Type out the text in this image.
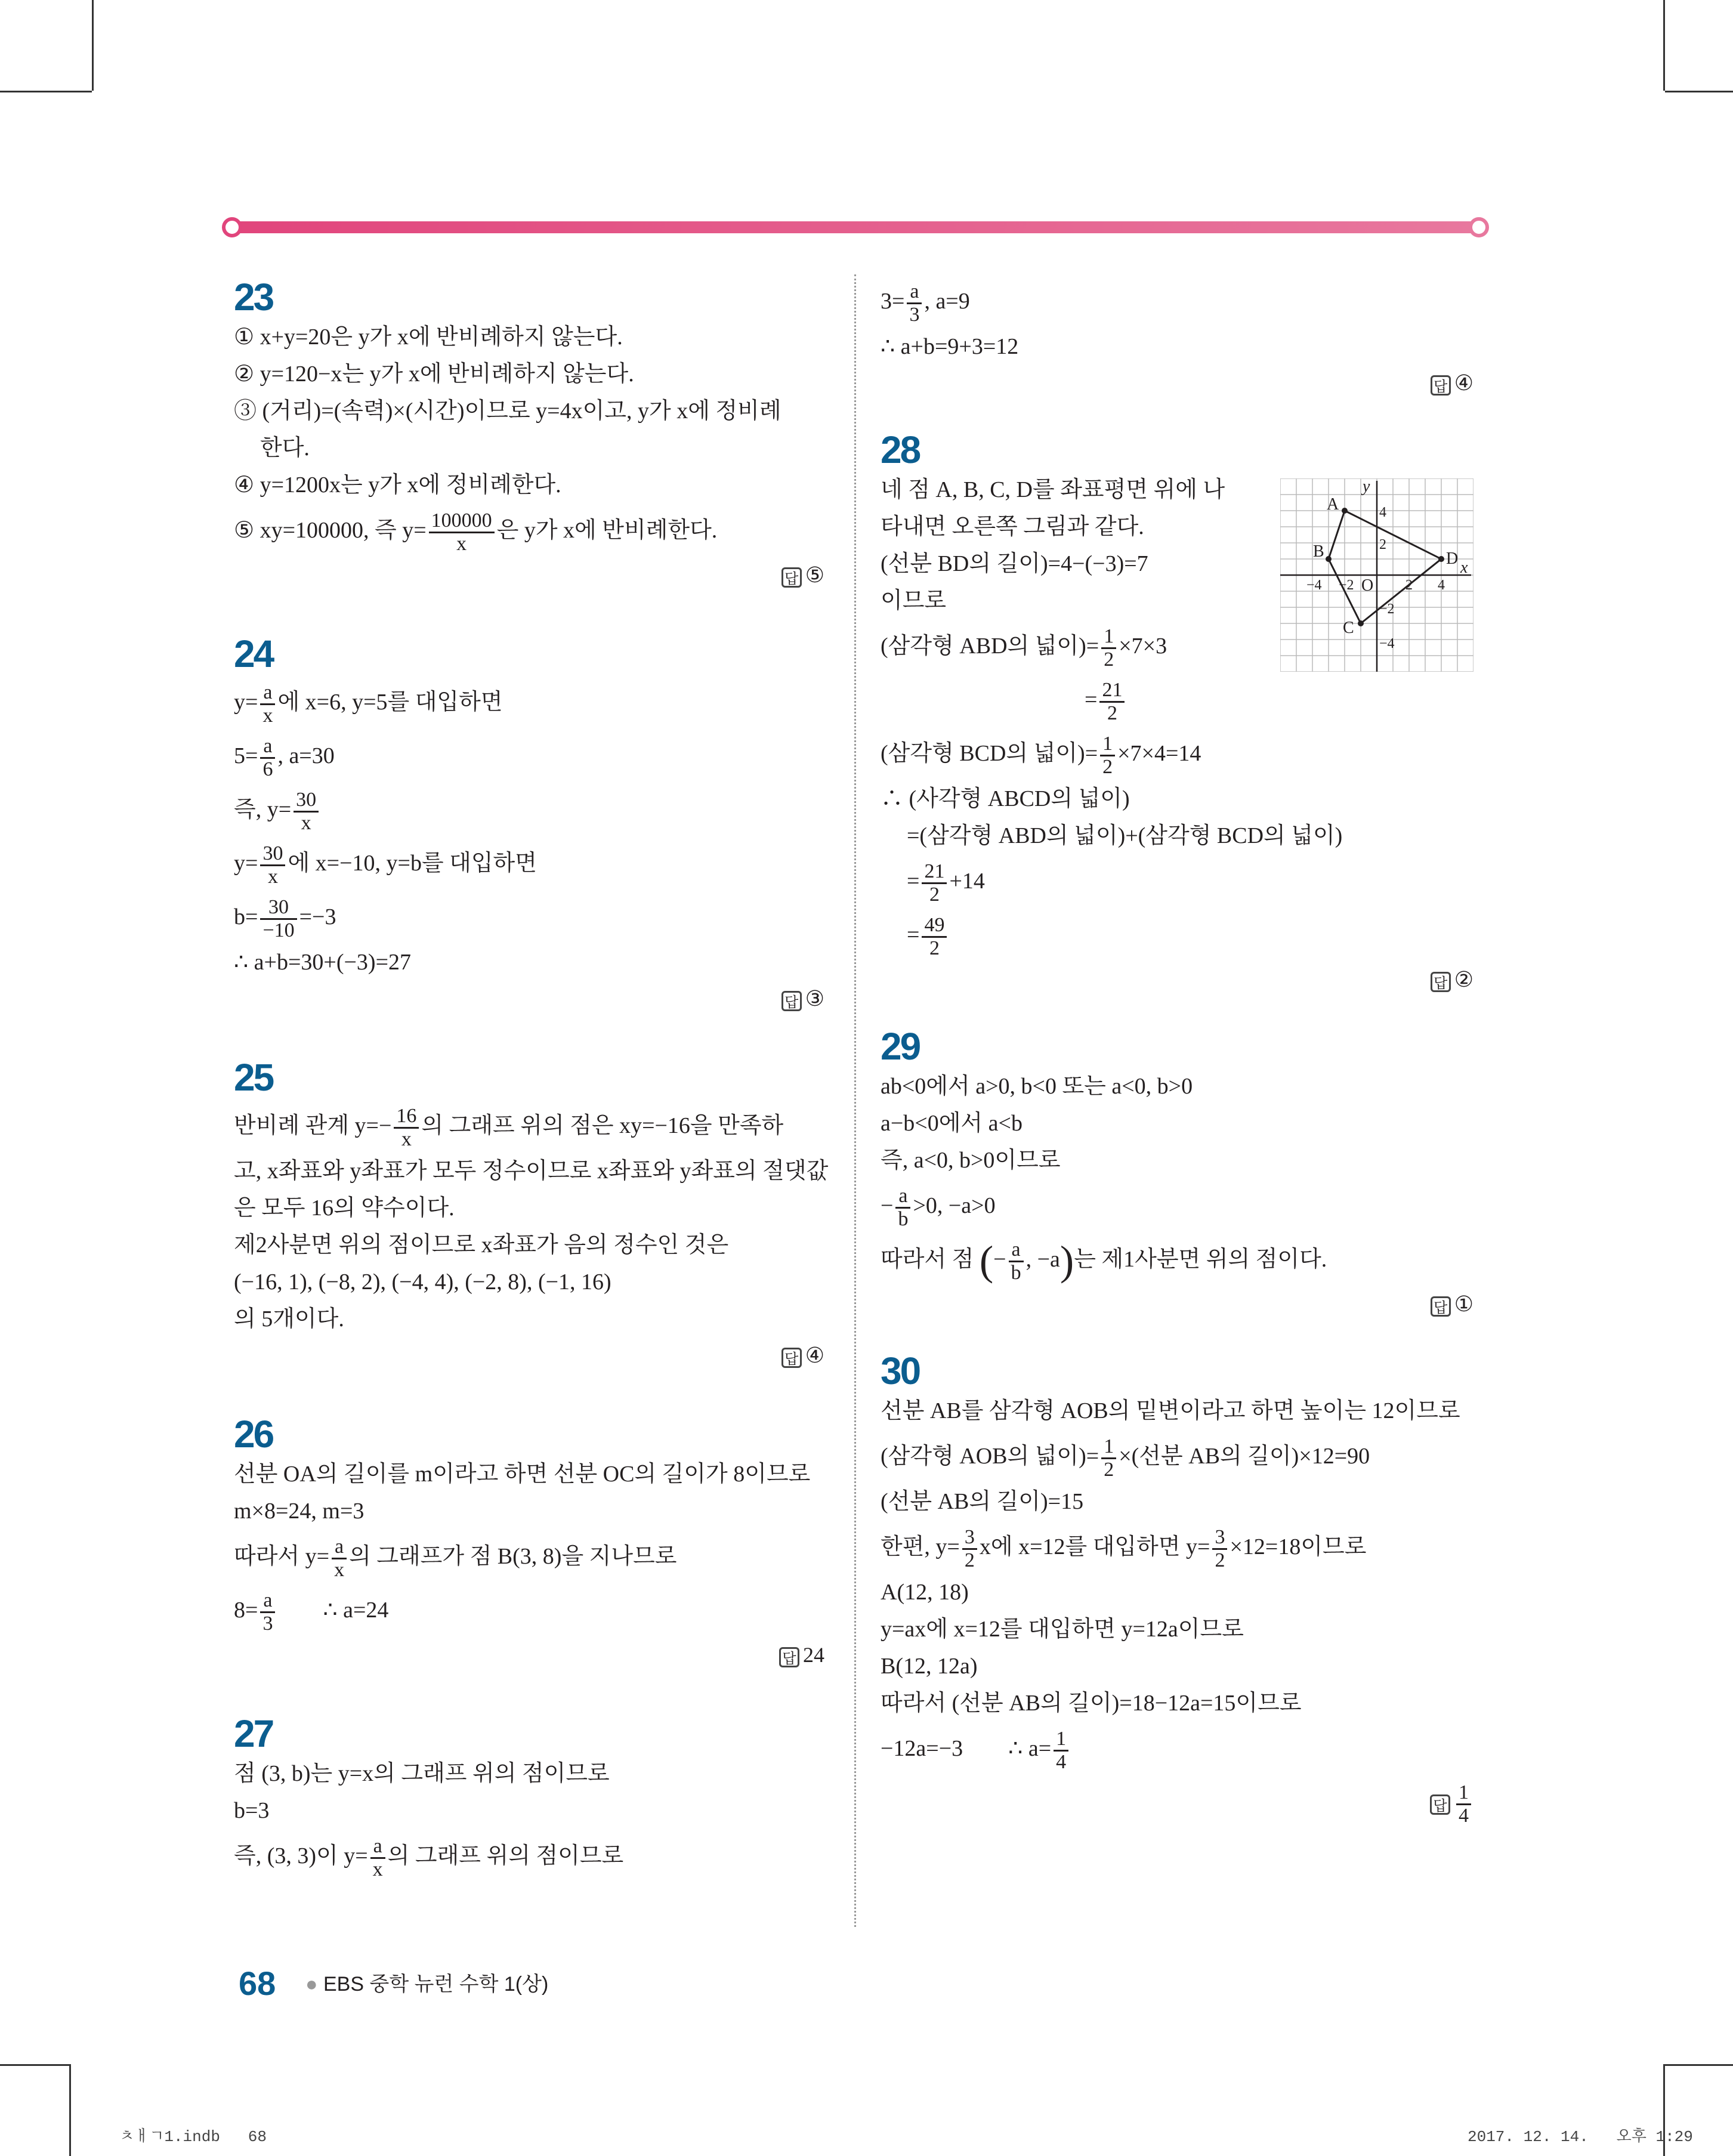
23
① x+y=20은 y가 x에 반비례하지 않는다.
② y=120−x는 y가 x에 반비례하지 않는다.
③ (거리)=(속력)×(시간)이므로 y=4x이고, y가 x에 정비례
한다.
④ y=1200x는 y가 x에 정비례한다.
⑤ xy=100000, 즉 $y= \frac{100000}{x}$ 은 y가 x에 반비례한다.
답 ⑤
24
$y= \frac{a}{x}$ 에 x=6, y=5를 대입하면
$5= \frac{a}{6}$ , a=30
즉, $y= \frac{30}{x}$
$y= \frac{30}{x}$ 에 x=−10, y=b를 대입하면
$b= \frac{30}{-10} =-3$
∴ a+b=30+(−3)=27
답 ③
25
반비례 관계 $y=- \frac{16}{x}$ 의 그래프 위의 점은 xy=−16을 만족하
고, x좌표와 y좌표가 모두 정수이므로 x좌표와 y좌표의 절댓값
은 모두 16의 약수이다.
제2사분면 위의 점이므로 x좌표가 음의 정수인 것은
(−16, 1), (−8, 2), (−4, 4), (−2, 8), (−1, 16)
의 5개이다.
답 ④
26
선분 OA의 길이를 m이라고 하면 선분 OC의 길이가 8이므로
m×8=24, m=3
따라서 $y= \frac{a}{x}$ 의 그래프가 점 B(3, 8)을 지나므로
$8= \frac{a}{3}$ ∴ a=24
답 24
27
점 (3, b)는 y=x의 그래프 위의 점이므로
b=3
즉, (3, 3)이 $y= \frac{a}{x}$ 의 그래프 위의 점이므로
$3= \frac{a}{3}$ , a=9
∴ a+b=9+3=12
답 ④
28
네 점 A, B, C, D를 좌표평면 위에 나
타내면 오른쪽 그림과 같다.
(선분 BD의 길이)=4−(−3)=7
이므로
(삼각형 ABD의 넓이)= $\frac{1}{2} \times 7\times 3$
= $\frac{21}{2}$
(삼각형 BCD의 넓이)= $\frac{1}{2} \times 7\times 4=14$
∴ (사각형 ABCD의 넓이)
=(삼각형 ABD의 넓이)+(삼각형 BCD의 넓이)
= $\frac{21}{2} +14$
= $\frac{49}{2}$
답 ②
A
B
C
D
O
x
y
−4 −2	2 4
4
2
−2
−4
29
ab<0에서 a>0, b<0 또는 a<0, b>0
a−b<0에서 a<b
즉, a<0, b>0이므로
− $\frac{a}{b} >0$, −a>0
따라서 점 (− $\frac{a}{b}$ , −a)는 제1사분면 위의 점이다.
답 ①
30
선분 AB를 삼각형 AOB의 밑변이라고 하면 높이는 12이므로
(삼각형 AOB의 넓이)= $\frac{1}{2}$ ×(선분 AB의 길이)×12=90
(선분 AB의 길이)=15
한편, $y= \frac{3}{2}$ x에 x=12를 대입하면 $y= \frac{3}{2} \times 12=18$이므로
A(12, 18)
y=ax에 x=12를 대입하면 y=12a이므로
B(12, 12a)
따라서 (선분 AB의 길이)=18−12a=15이므로
−12a=−3        ∴ $a= \frac{1}{4}$
답 $\frac{1}{4}$
68 ● EBS 중학 뉴런 수학 1(상)
ㅊㅐㄱ1.indb   68	2017. 12. 14.   오후 1:29
